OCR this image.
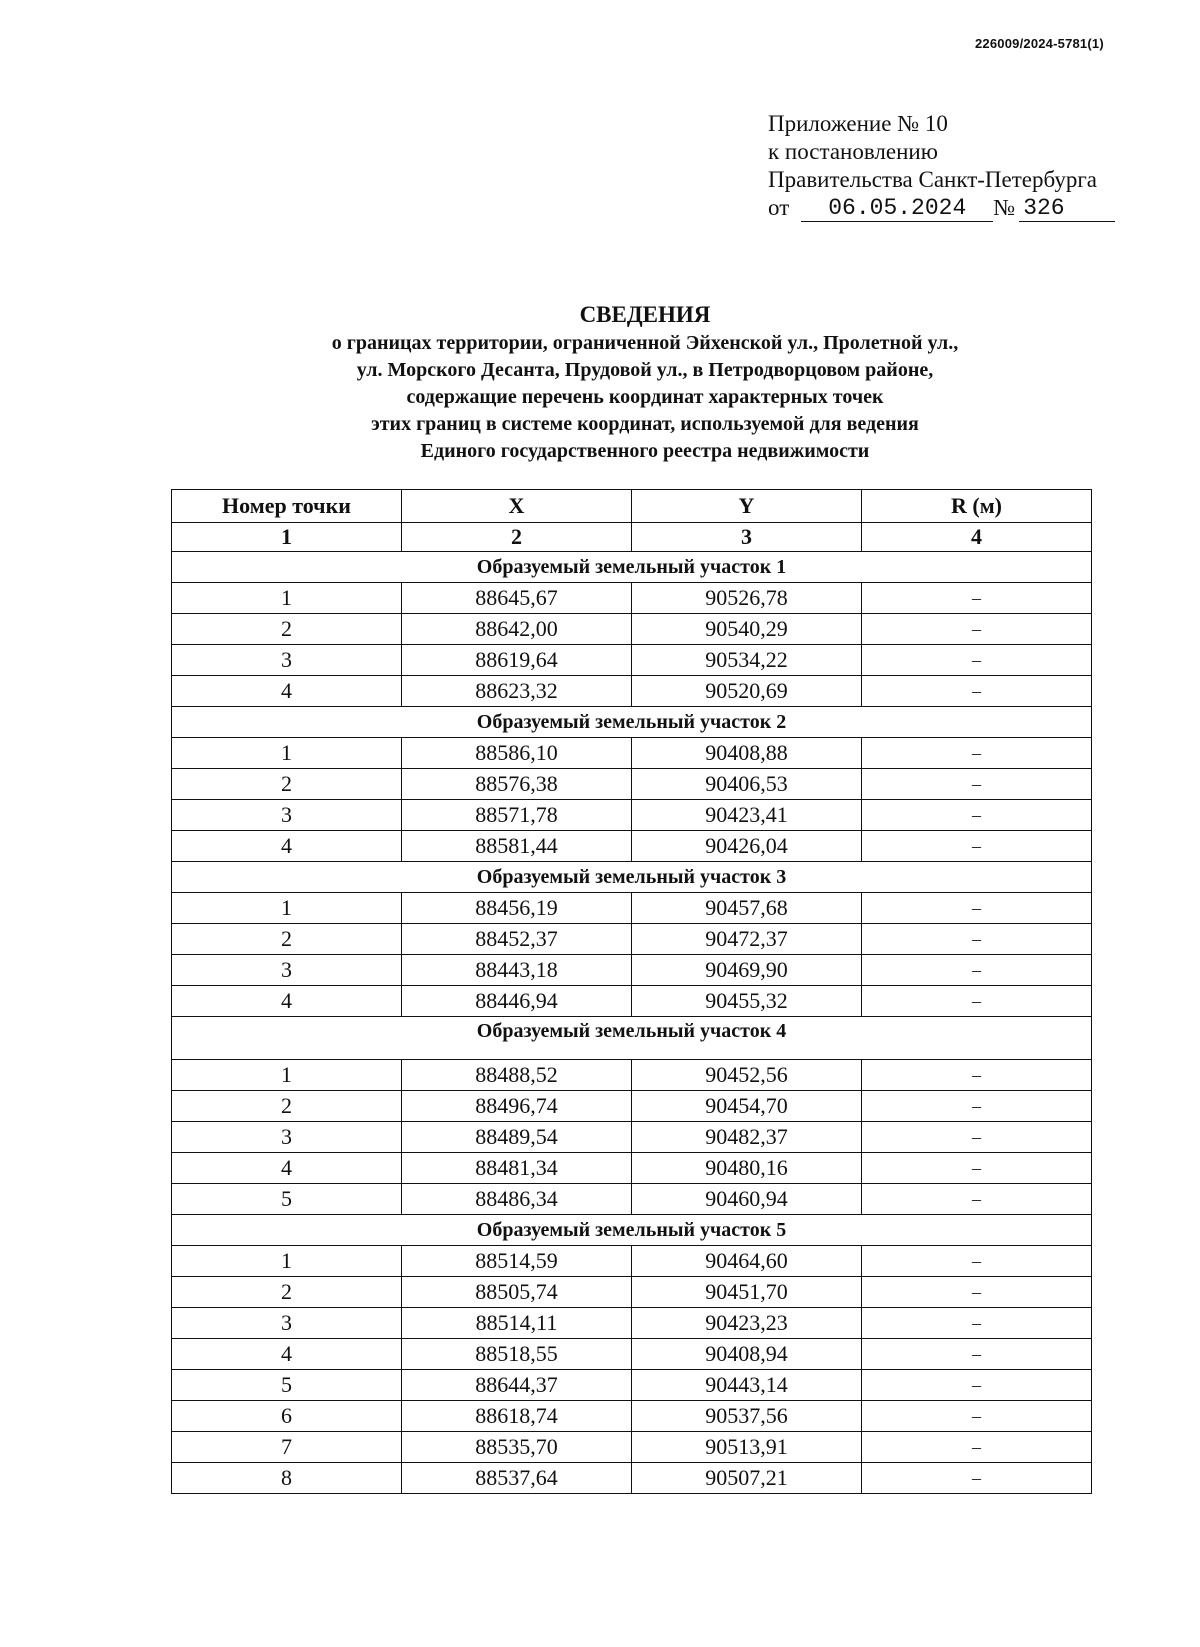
226009/2024-5781(1)
Приложение № 10
к постановлению
Правительства Санкт-Петербурга
от	06.05.2024	№ 326
СВЕДЕНИЯ
о границах территории, ограниченной Эйхенской ул., Пролетной ул.,
ул. Морского Десанта, Прудовой ул., в Петродворцовом районе,
содержащие перечень координат характерных точек
этих границ в системе координат, используемой для ведения
Единого государственного реестра недвижимости
Номер точки	X	Y	R (м)
1	2	3	4
Образуемый земельный участок 1			
1	88645,67	90526,78	–
2	88642,00	90540,29	–
3	88619,64	90534,22	–
4	88623,32	90520,69	–
Образуемый земельный участок 2			
1	88586,10	90408,88	–
2	88576,38	90406,53	–
3	88571,78	90423,41	–
4	88581,44	90426,04	–
Образуемый земельный участок 3			
1	88456,19	90457,68	–
2	88452,37	90472,37	–
3	88443,18	90469,90	–
4	88446,94	90455,32	–
Образуемый земельный участок 4			
1	88488,52	90452,56	–
2	88496,74	90454,70	–
3	88489,54	90482,37	–
4	88481,34	90480,16	–
5	88486,34	90460,94	–
Образуемый земельный участок 5			
1	88514,59	90464,60	–
2	88505,74	90451,70	–
3	88514,11	90423,23	–
4	88518,55	90408,94	–
5	88644,37	90443,14	–
6	88618,74	90537,56	–
7	88535,70	90513,91	–
8	88537,64	90507,21	–
